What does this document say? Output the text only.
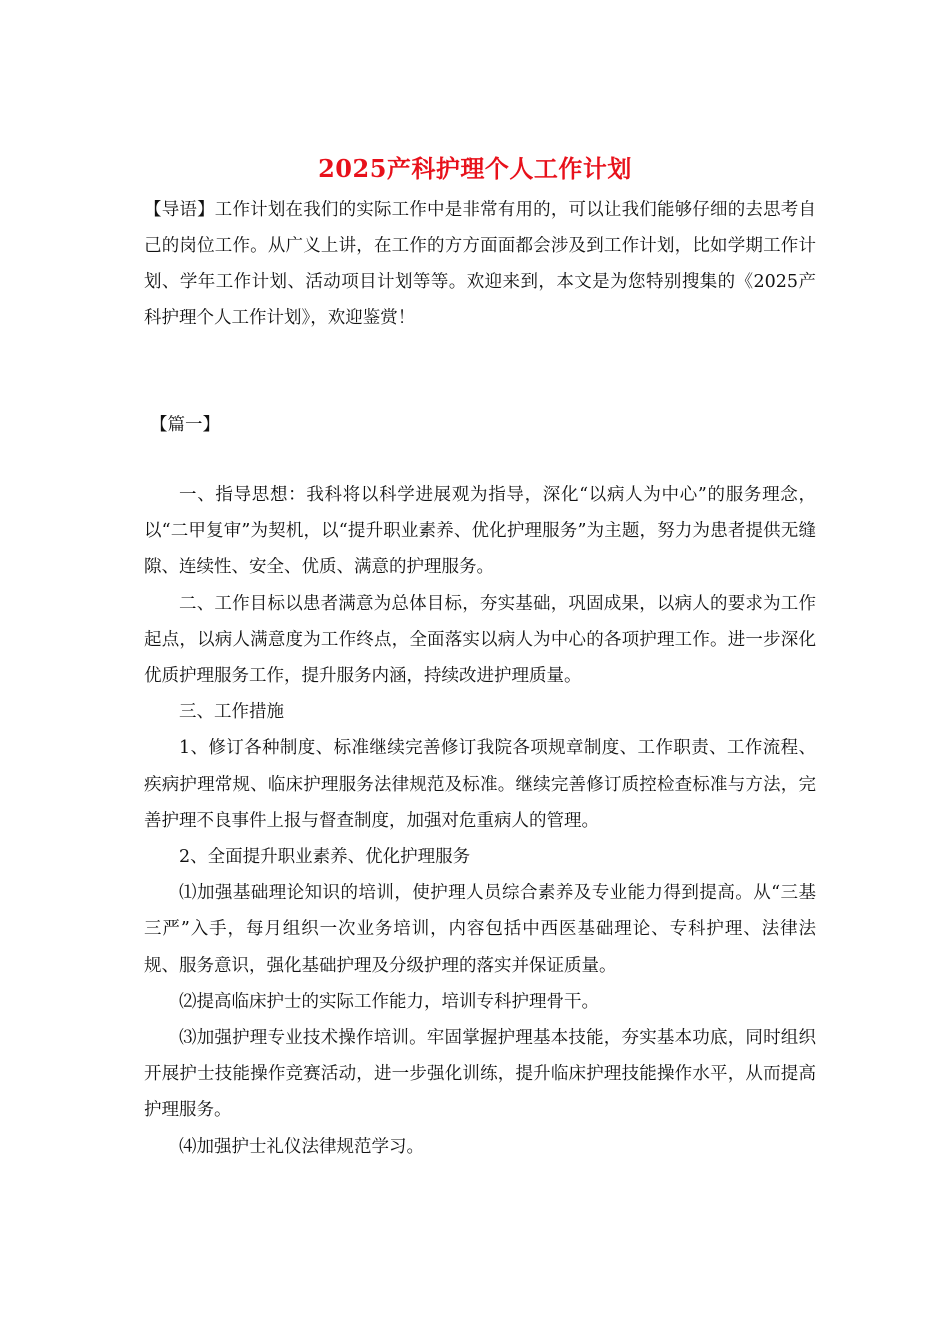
2025产科护理个人工作计划
【导语】工作计划在我们的实际工作中是非常有用的，可以让我们能够仔细的去思考自己的岗位工作。从广义上讲，在工作的方方面面都会涉及到工作计划，比如学期工作计划、学年工作计划、活动项目计划等等。欢迎来到，本文是为您特别搜集的《2025产科护理个人工作计划》，欢迎鉴赏！
【篇一】

一、指导思想：我科将以科学进展观为指导，深化“以病人为中心”的服务理念，以“二甲复审”为契机，以“提升职业素养、优化护理服务”为主题，努力为患者提供无缝隙、连续性、安全、优质、满意的护理服务。

二、工作目标以患者满意为总体目标，夯实基础，巩固成果，以病人的要求为工作起点，以病人满意度为工作终点，全面落实以病人为中心的各项护理工作。进一步深化优质护理服务工作，提升服务内涵，持续改进护理质量。

三、工作措施

1、修订各种制度、标准继续完善修订我院各项规章制度、工作职责、工作流程、疾病护理常规、临床护理服务法律规范及标准。继续完善修订质控检查标准与方法，完善护理不良事件上报与督查制度，加强对危重病人的管理。

2、全面提升职业素养、优化护理服务

⑴加强基础理论知识的培训，使护理人员综合素养及专业能力得到提高。从“三基三严”入手，每月组织一次业务培训，内容包括中西医基础理论、专科护理、法律法规、服务意识，强化基础护理及分级护理的落实并保证质量。

⑵提高临床护士的实际工作能力，培训专科护理骨干。

⑶加强护理专业技术操作培训。牢固掌握护理基本技能，夯实基本功底，同时组织开展护士技能操作竞赛活动，进一步强化训练，提升临床护理技能操作水平，从而提高护理服务。

⑷加强护士礼仪法律规范学习。
